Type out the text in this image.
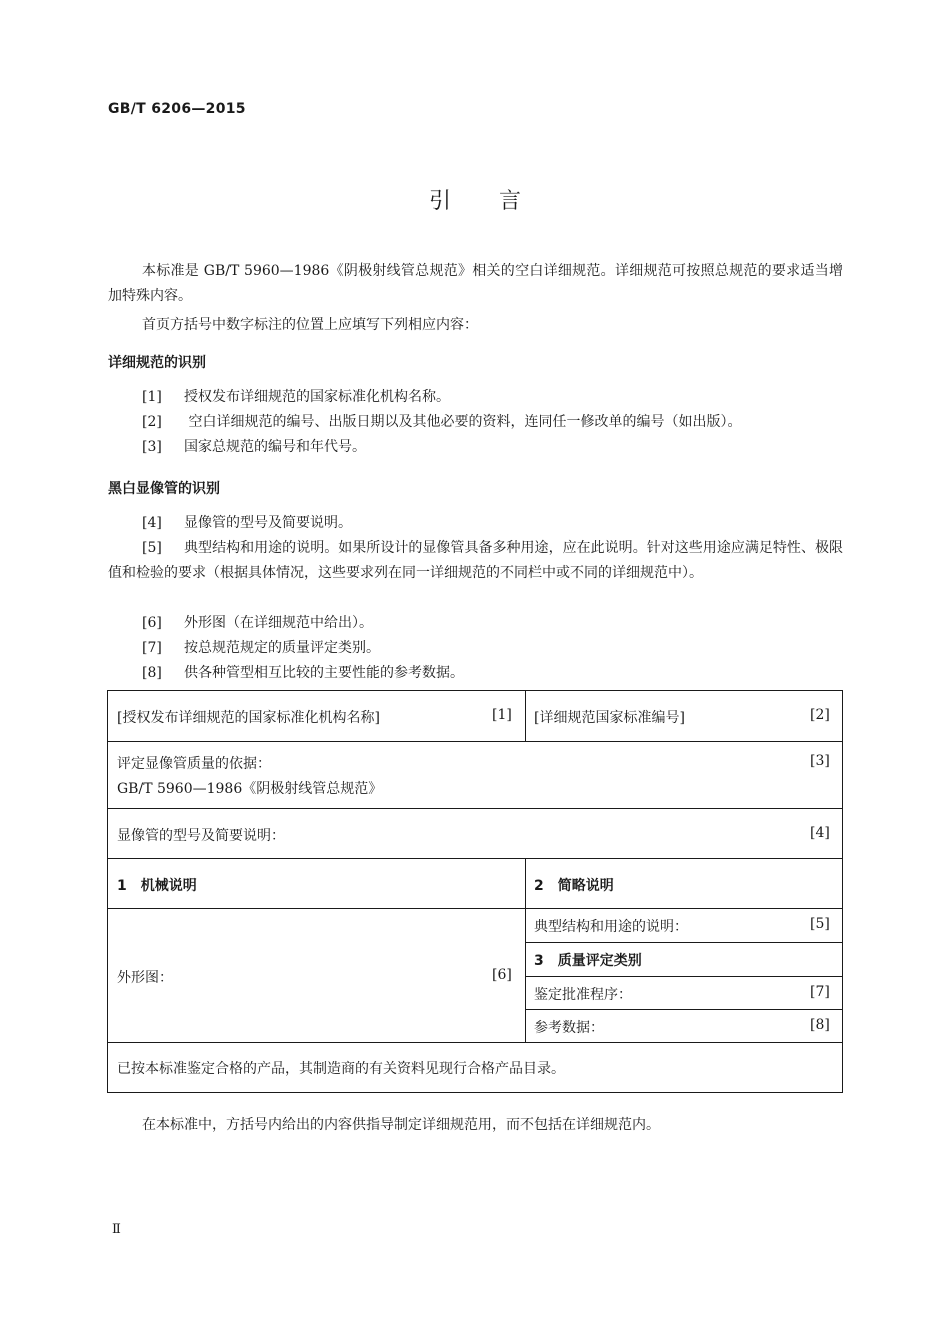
GB/T 6206—2015
引 言
本标准是 GB/T 5960—1986《阴极射线管总规范》相关的空白详细规范。详细规范可按照总规范的要求适当增加特殊内容。
首页方括号中数字标注的位置上应填写下列相应内容：
详细规范的识别
[1] 授权发布详细规范的国家标准化机构名称。
[2] 空白详细规范的编号、出版日期以及其他必要的资料，连同任一修改单的编号（如出版）。
[3] 国家总规范的编号和年代号。
黑白显像管的识别
[4] 显像管的型号及简要说明。
[5] 典型结构和用途的说明。如果所设计的显像管具备多种用途，应在此说明。针对这些用途应满足特性、极限值和检验的要求（根据具体情况，这些要求列在同一详细规范的不同栏中或不同的详细规范中）。
[6] 外形图（在详细规范中给出）。
[7] 按总规范规定的质量评定类别。
[8] 供各种管型相互比较的主要性能的参考数据。
[授权发布详细规范的国家标准化机构名称]	[1] [详细规范国家标准编号]	[2]
评定显像管质量的依据：
GB/T 5960—1986《阴极射线管总规范》
[3]
显像管的型号及简要说明：	[4]
1　机械说明	2　简略说明
外形图：	[6]
典型结构和用途的说明：	[5]
3　质量评定类别
鉴定批准程序：	[7]
参考数据：	[8]
已按本标准鉴定合格的产品，其制造商的有关资料见现行合格产品目录。
在本标准中，方括号内给出的内容供指导制定详细规范用，而不包括在详细规范内。
Ⅱ
